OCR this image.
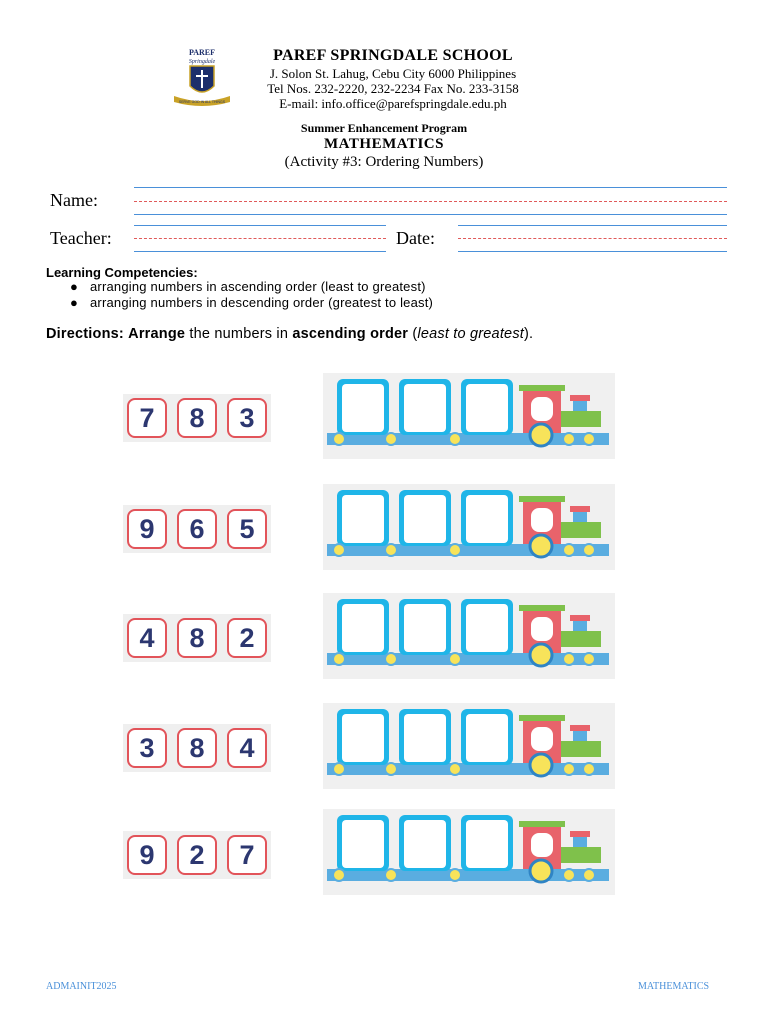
PAREF
Springdale
SERVE GOD IN ALL THINGS
PAREF SPRINGDALE SCHOOL
J. Solon St. Lahug, Cebu City 6000 Philippines
Tel Nos. 232-2220, 232-2234 Fax No. 233-3158
E-mail: info.office@parefspringdale.edu.ph
Summer Enhancement Program
MATHEMATICS
(Activity #3: Ordering Numbers)
Name:
Teacher:	Date:
Learning Competencies:
● arranging numbers in ascending order (least to greatest)
● arranging numbers in descending order (greatest to least)
Directions: Arrange the numbers in ascending order (least to greatest).
7	8	3
9	6	5
4	8	2
3	8	4
9	2	7
ADMAINIT2025	MATHEMATICS
